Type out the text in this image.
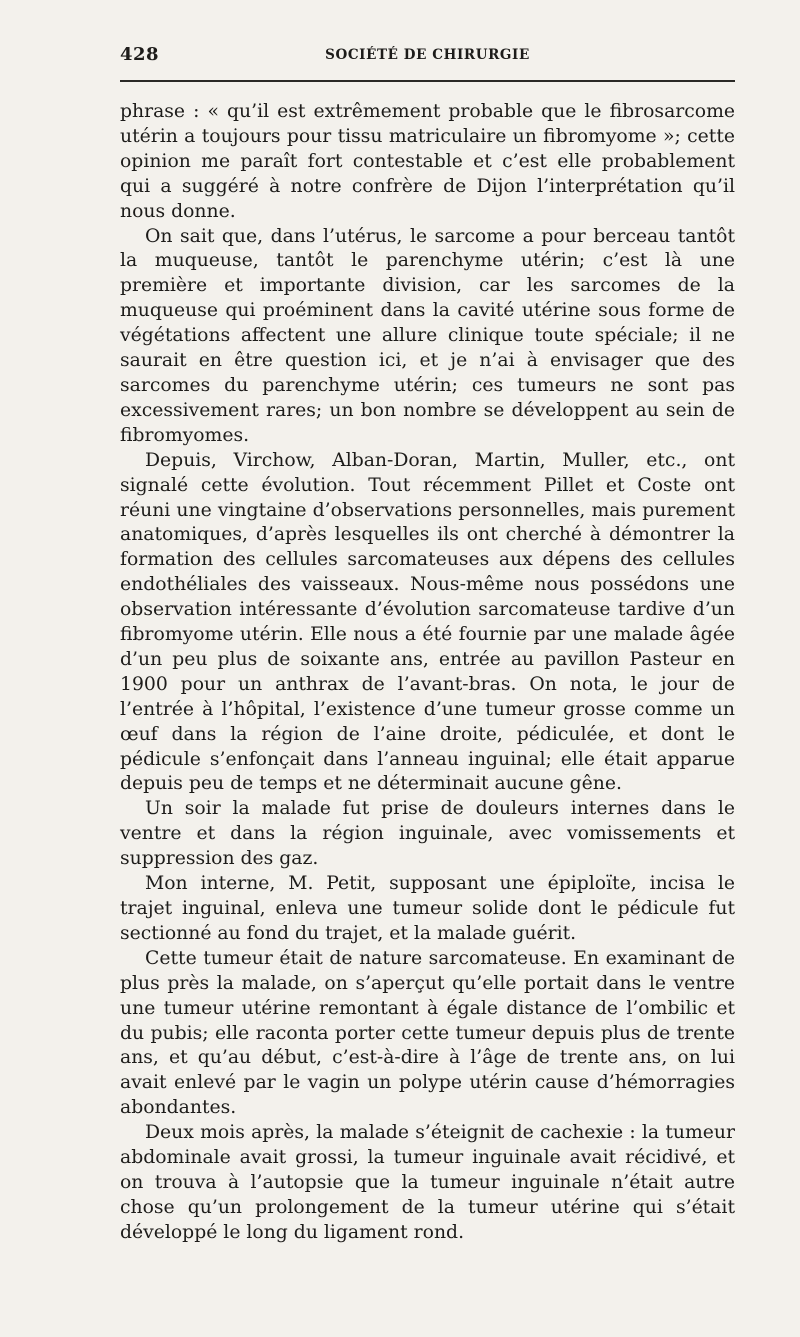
428	SOCIÉTÉ DE CHIRURGIE

phrase : « qu’il est extrêmement probable que le fibrosarcome utérin a toujours pour tissu matriculaire un fibromyome »; cette opinion me paraît fort contestable et c’est elle probablement qui a suggéré à notre confrère de Dijon l’interprétation qu’il nous donne.

On sait que, dans l’utérus, le sarcome a pour berceau tantôt la muqueuse, tantôt le parenchyme utérin; c’est là une première et importante division, car les sarcomes de la muqueuse qui proéminent dans la cavité utérine sous forme de végétations affectent une allure clinique toute spéciale; il ne saurait en être question ici, et je n’ai à envisager que des sarcomes du parenchyme utérin; ces tumeurs ne sont pas excessivement rares; un bon nombre se développent au sein de fibromyomes.

Depuis, Virchow, Alban-Doran, Martin, Muller, etc., ont signalé cette évolution. Tout récemment Pillet et Coste ont réuni une vingtaine d’observations personnelles, mais purement anatomiques, d’après lesquelles ils ont cherché à démontrer la formation des cellules sarcomateuses aux dépens des cellules endothéliales des vaisseaux. Nous-même nous possédons une observation intéressante d’évolution sarcomateuse tardive d’un fibromyome utérin. Elle nous a été fournie par une malade âgée d’un peu plus de soixante ans, entrée au pavillon Pasteur en 1900 pour un anthrax de l’avant-bras. On nota, le jour de l’entrée à l’hôpital, l’existence d’une tumeur grosse comme un œuf dans la région de l’aine droite, pédiculée, et dont le pédicule s’enfonçait dans l’anneau inguinal; elle était apparue depuis peu de temps et ne déterminait aucune gêne.

Un soir la malade fut prise de douleurs internes dans le ventre et dans la région inguinale, avec vomissements et suppression des gaz.

Mon interne, M. Petit, supposant une épiploïte, incisa le trajet inguinal, enleva une tumeur solide dont le pédicule fut sectionné au fond du trajet, et la malade guérit.

Cette tumeur était de nature sarcomateuse. En examinant de plus près la malade, on s’aperçut qu’elle portait dans le ventre une tumeur utérine remontant à égale distance de l’ombilic et du pubis; elle raconta porter cette tumeur depuis plus de trente ans, et qu’au début, c’est-à-dire à l’âge de trente ans, on lui avait enlevé par le vagin un polype utérin cause d’hémorragies abondantes.

Deux mois après, la malade s’éteignit de cachexie : la tumeur abdominale avait grossi, la tumeur inguinale avait récidivé, et on trouva à l’autopsie que la tumeur inguinale n’était autre chose qu’un prolongement de la tumeur utérine qui s’était développé le long du ligament rond.
